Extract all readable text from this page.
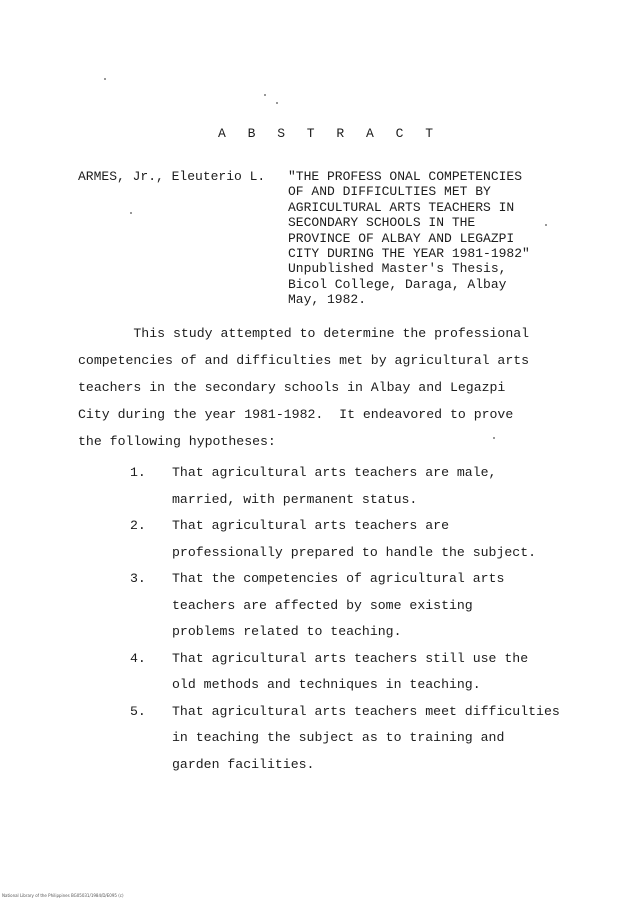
A B S T R A C T
ARMES, Jr., Eleuterio L. "THE PROFESS ONAL COMPETENCIES
OF AND DIFFICULTIES MET BY
AGRICULTURAL ARTS TEACHERS IN
SECONDARY SCHOOLS IN THE
PROVINCE OF ALBAY AND LEGAZPI
CITY DURING THE YEAR 1981-1982"
Unpublished Master's Thesis,
Bicol College, Daraga, Albay
May, 1982.
This study attempted to determine the professional
competencies of and difficulties met by agricultural arts
teachers in the secondary schools in Albay and Legazpi
City during the year 1981-1982.  It endeavored to prove
the following hypotheses:
1. That agricultural arts teachers are male,
married, with permanent status.
2. That agricultural arts teachers are
professionally prepared to handle the subject.
3. That the competencies of agricultural arts
teachers are affected by some existing
problems related to teaching.
4. That agricultural arts teachers still use the
old methods and techniques in teaching.
5. That agricultural arts teachers meet difficulties
in teaching the subject as to training and
garden facilities.
National Library of the Philippines BG05031/1984/D/E095 (c)
